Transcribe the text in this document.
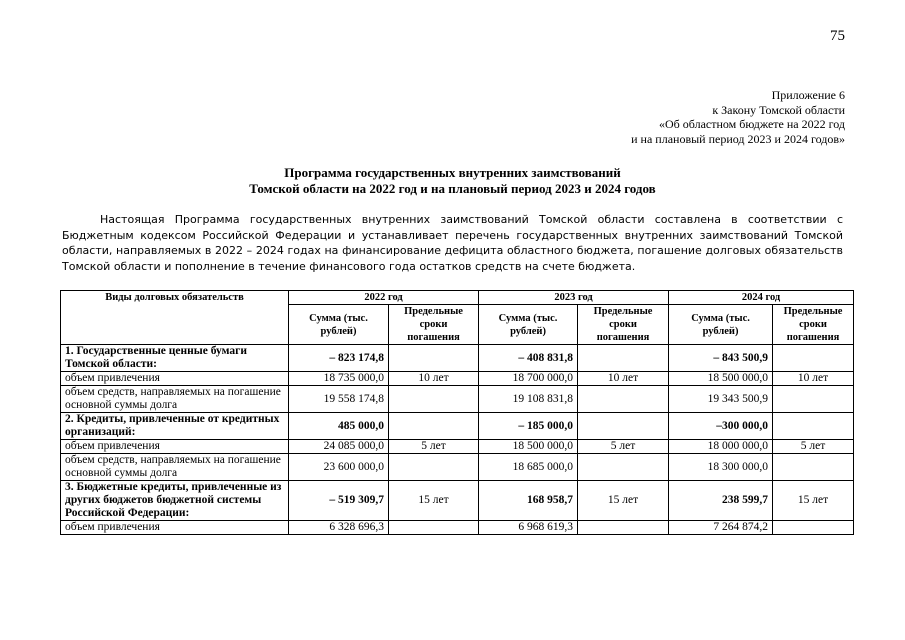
75
Приложение 6
к Закону Томской области
«Об областном бюджете на 2022 год
и на плановый период 2023 и 2024 годов»
Программа государственных внутренних заимствований
Томской области на 2022 год и на плановый период 2023 и 2024 годов

Настоящая Программа государственных внутренних заимствований Томской области составлена в соответствии с Бюджетным кодексом Российской Федерации и устанавливает перечень государственных внутренних заимствований Томской области, направляемых в 2022 – 2024 годах на финансирование дефицита областного бюджета, погашение долговых обязательств Томской области и пополнение в течение финансового года остатков средств на счете бюджета.

Виды долговых обязательств	2022 год		2023 год		2024 год	
	Сумма (тыс. рублей)	Предельные сроки погашения	Сумма (тыс. рублей)	Предельные сроки погашения	Сумма (тыс. рублей)	Предельные сроки погашения
1. Государственные ценные бумаги Томской области:	– 823 174,8		– 408 831,8		– 843 500,9	
объем привлечения	18 735 000,0	10 лет	18 700 000,0	10 лет	18 500 000,0	10 лет
объем средств, направляемых на погашение основной суммы долга	19 558 174,8		19 108 831,8		19 343 500,9	
2. Кредиты, привлеченные от кредитных организаций:	485 000,0		– 185 000,0		–300 000,0	
объем привлечения	24 085 000,0	5 лет	18 500 000,0	5 лет	18 000 000,0	5 лет
объем средств, направляемых на погашение основной суммы долга	23 600 000,0		18 685 000,0		18 300 000,0	
3. Бюджетные кредиты, привлеченные из других бюджетов бюджетной системы Российской Федерации:	– 519 309,7	15 лет	168 958,7	15 лет	238 599,7	15 лет
объем привлечения	6 328 696,3		6 968 619,3		7 264 874,2	
